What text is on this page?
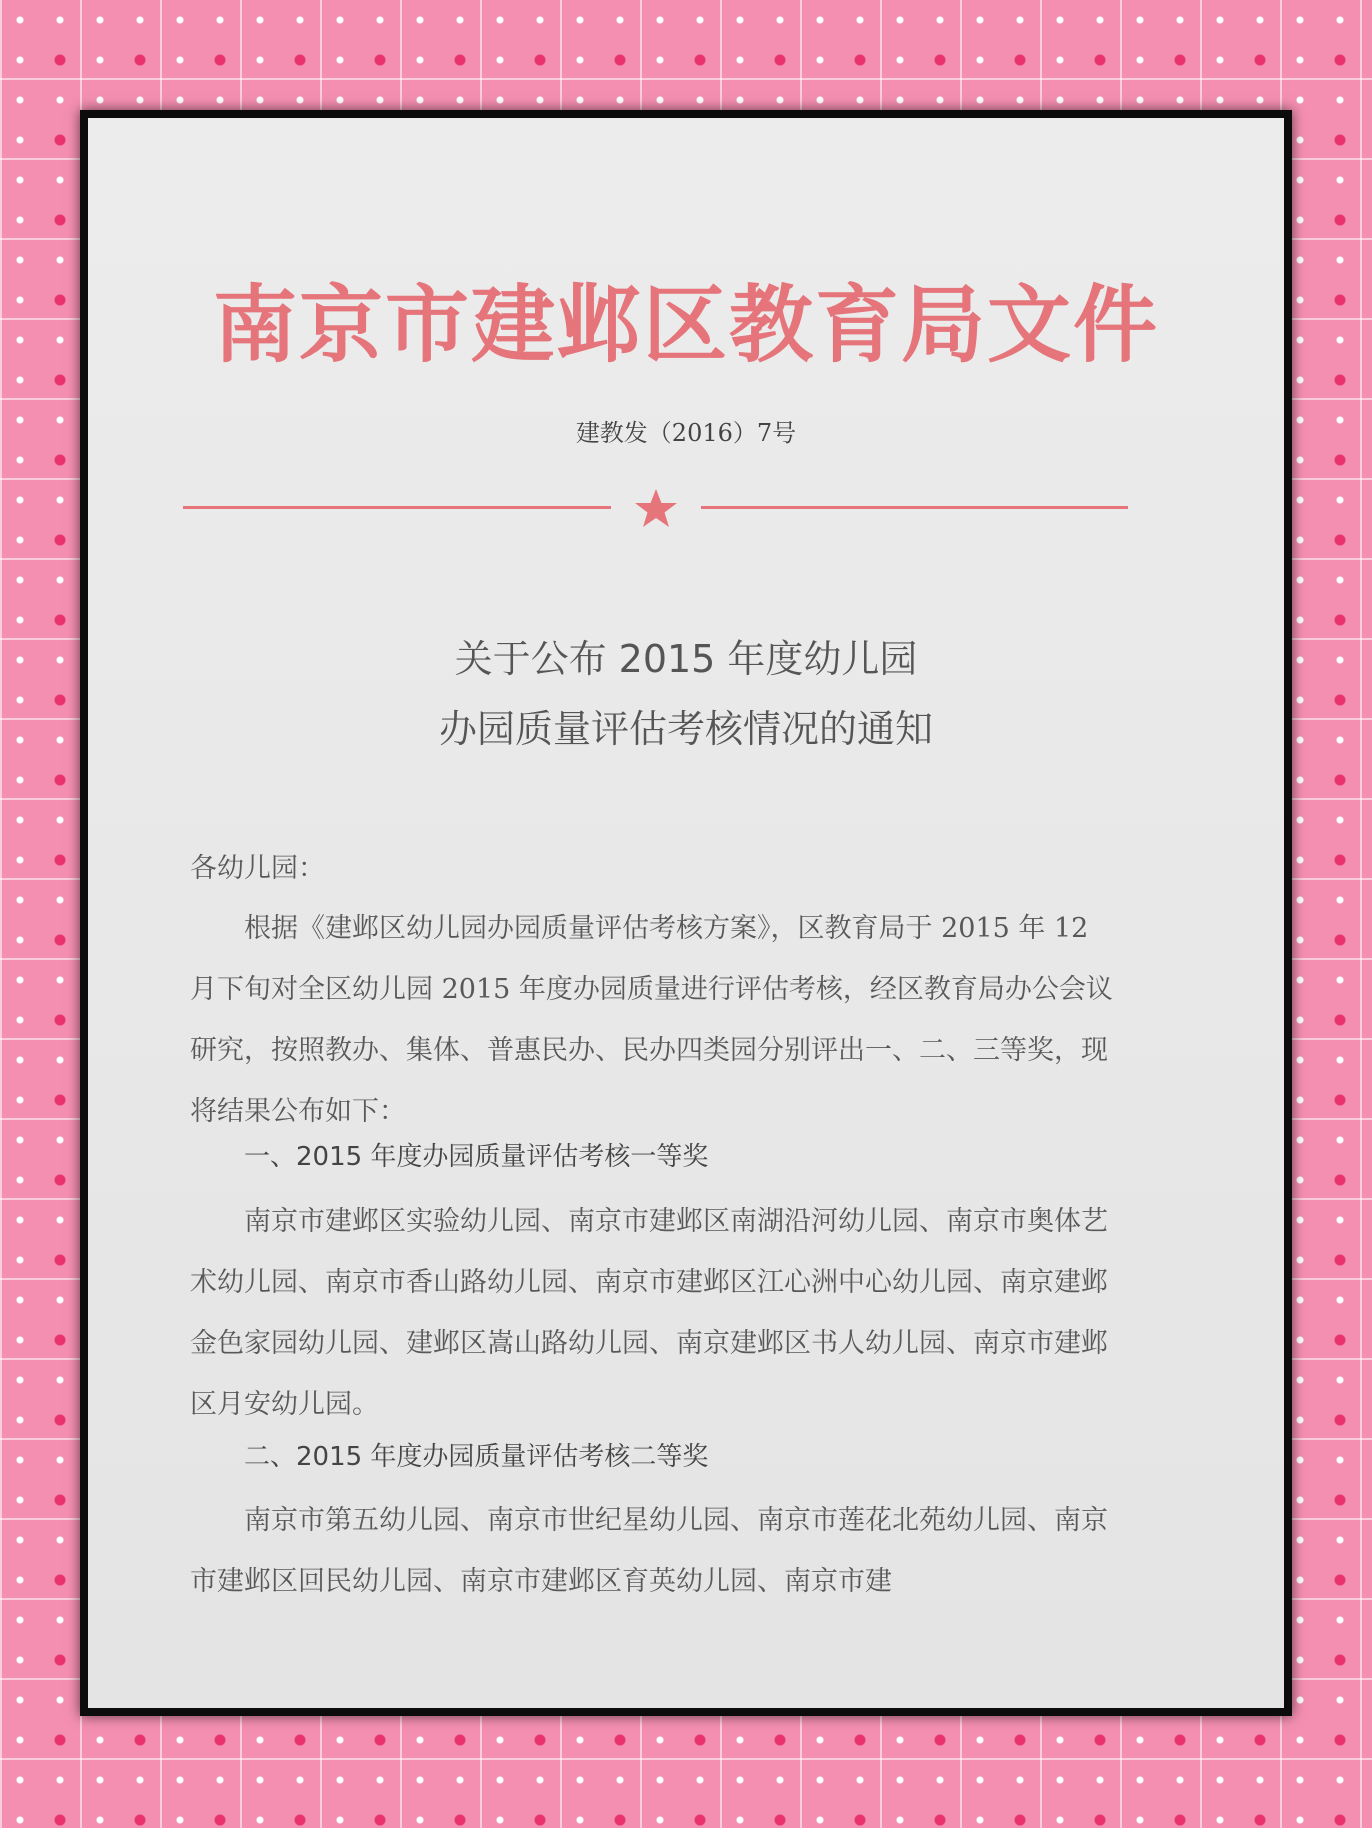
南京市建邺区教育局文件
建教发（2016）7号
关于公布 2015 年度幼儿园
办园质量评估考核情况的通知
各幼儿园：
根据《建邺区幼儿园办园质量评估考核方案》，区教育局于 2015 年 12 月下旬对全区幼儿园 2015 年度办园质量进行评估考核，经区教育局办公会议研究，按照教办、集体、普惠民办、民办四类园分别评出一、二、三等奖，现将结果公布如下：
一、2015 年度办园质量评估考核一等奖
南京市建邺区实验幼儿园、南京市建邺区南湖沿河幼儿园、南京市奥体艺术幼儿园、南京市香山路幼儿园、南京市建邺区江心洲中心幼儿园、南京建邺金色家园幼儿园、建邺区嵩山路幼儿园、南京建邺区书人幼儿园、南京市建邺区月安幼儿园。
二、2015 年度办园质量评估考核二等奖
南京市第五幼儿园、南京市世纪星幼儿园、南京市莲花北苑幼儿园、南京市建邺区回民幼儿园、南京市建邺区育英幼儿园、南京市建
